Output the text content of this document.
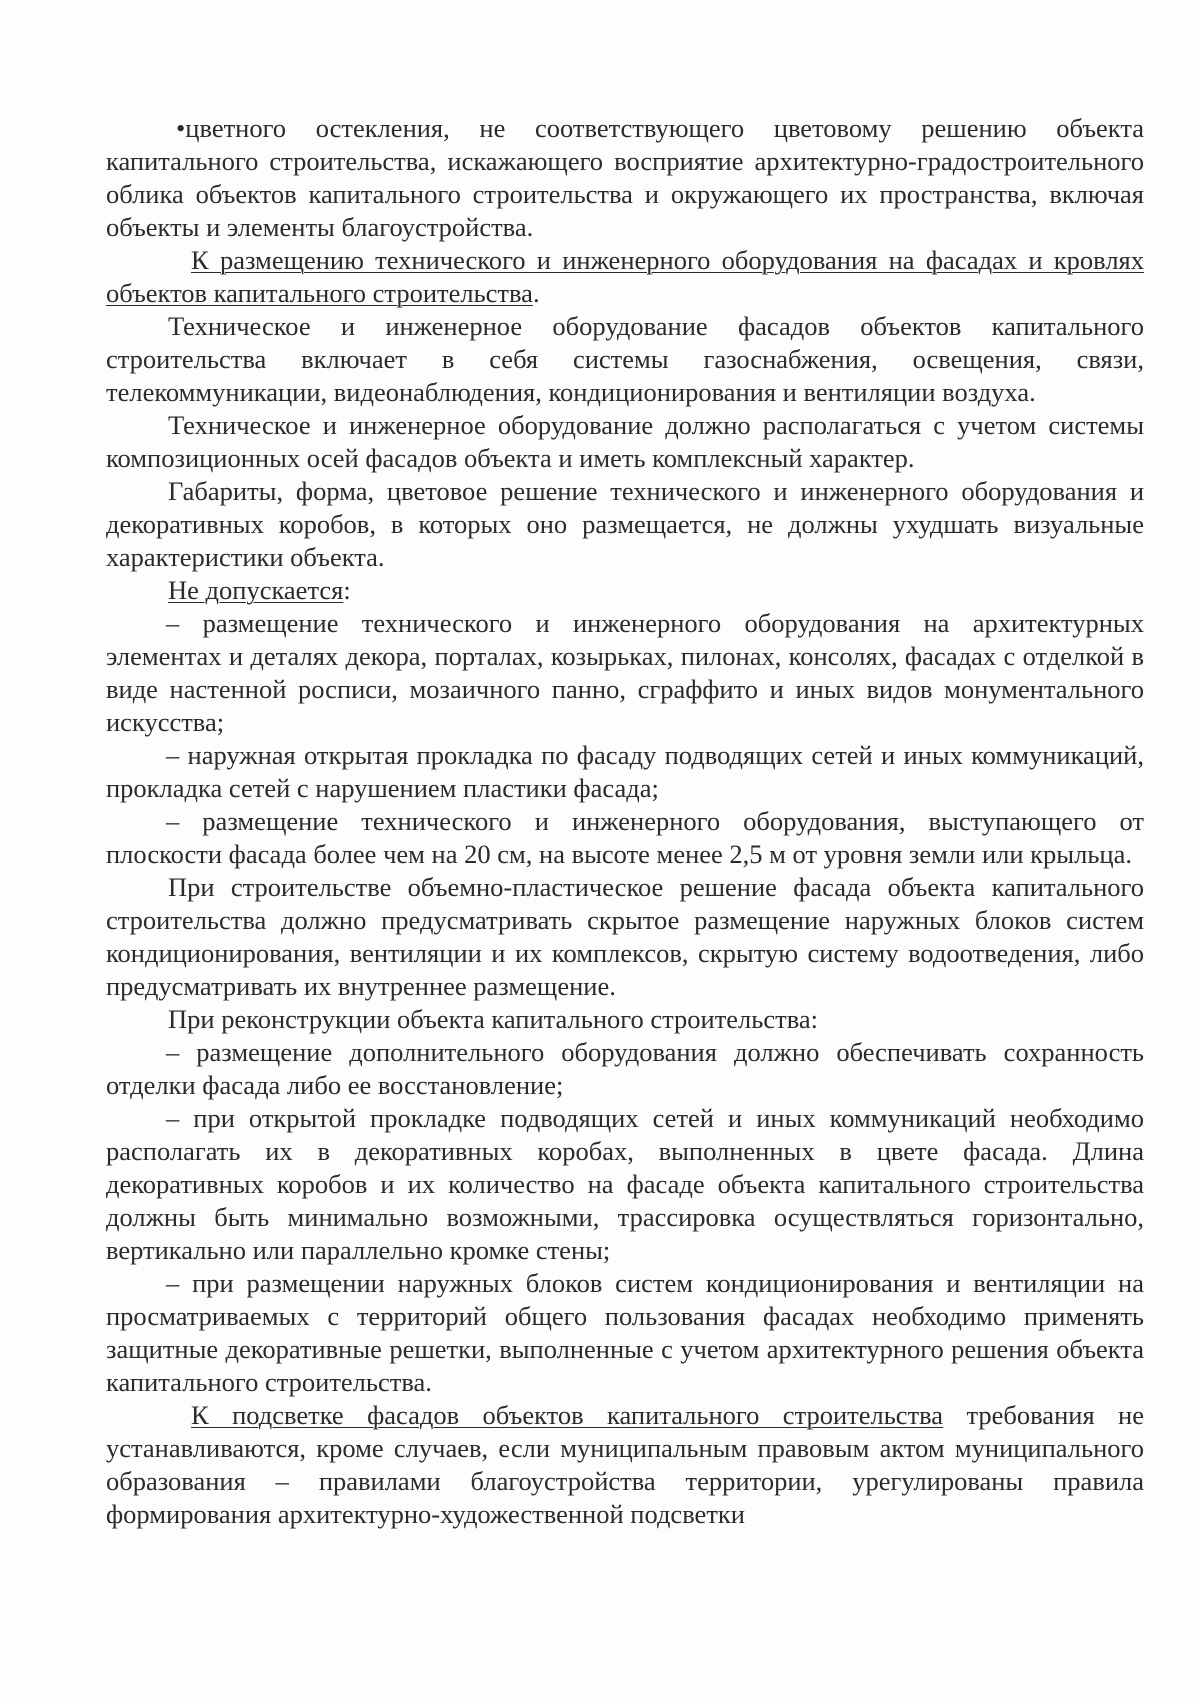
•цветного остекления, не соответствующего цветовому решению объекта капитального строительства, искажающего восприятие архитектурно-градостроительного облика объектов капитального строительства и окружающего их пространства, включая объекты и элементы благоустройства.

К размещению технического и инженерного оборудования на фасадах и кровлях объектов капитального строительства.

Техническое и инженерное оборудование фасадов объектов капитального строительства включает в себя системы газоснабжения, освещения, связи, телекоммуникации, видеонаблюдения, кондиционирования и вентиляции воздуха.

Техническое и инженерное оборудование должно располагаться с учетом системы композиционных осей фасадов объекта и иметь комплексный характер.

Габариты, форма, цветовое решение технического и инженерного оборудования и декоративных коробов, в которых оно размещается, не должны ухудшать визуальные характеристики объекта.

Не допускается:

– размещение технического и инженерного оборудования на архитектурных элементах и деталях декора, порталах, козырьках, пилонах, консолях, фасадах с отделкой в виде настенной росписи, мозаичного панно, сграффито и иных видов монументального искусства;

– наружная открытая прокладка по фасаду подводящих сетей и иных коммуникаций, прокладка сетей с нарушением пластики фасада;

– размещение технического и инженерного оборудования, выступающего от плоскости фасада более чем на 20 см, на высоте менее 2,5 м от уровня земли или крыльца.

При строительстве объемно-пластическое решение фасада объекта капитального строительства должно предусматривать скрытое размещение наружных блоков систем кондиционирования, вентиляции и их комплексов, скрытую систему водоотведения, либо предусматривать их внутреннее размещение.

При реконструкции объекта капитального строительства:

– размещение дополнительного оборудования должно обеспечивать сохранность отделки фасада либо ее восстановление;

– при открытой прокладке подводящих сетей и иных коммуникаций необходимо располагать их в декоративных коробах, выполненных в цвете фасада. Длина декоративных коробов и их количество на фасаде объекта капитального строительства должны быть минимально возможными, трассировка осуществляться горизонтально, вертикально или параллельно кромке стены;

– при размещении наружных блоков систем кондиционирования и вентиляции на просматриваемых с территорий общего пользования фасадах необходимо применять защитные декоративные решетки, выполненные с учетом архитектурного решения объекта капитального строительства.

К подсветке фасадов объектов капитального строительства требования не устанавливаются, кроме случаев, если муниципальным правовым актом муниципального образования – правилами благоустройства территории, урегулированы правила формирования архитектурно-художественной подсветки
